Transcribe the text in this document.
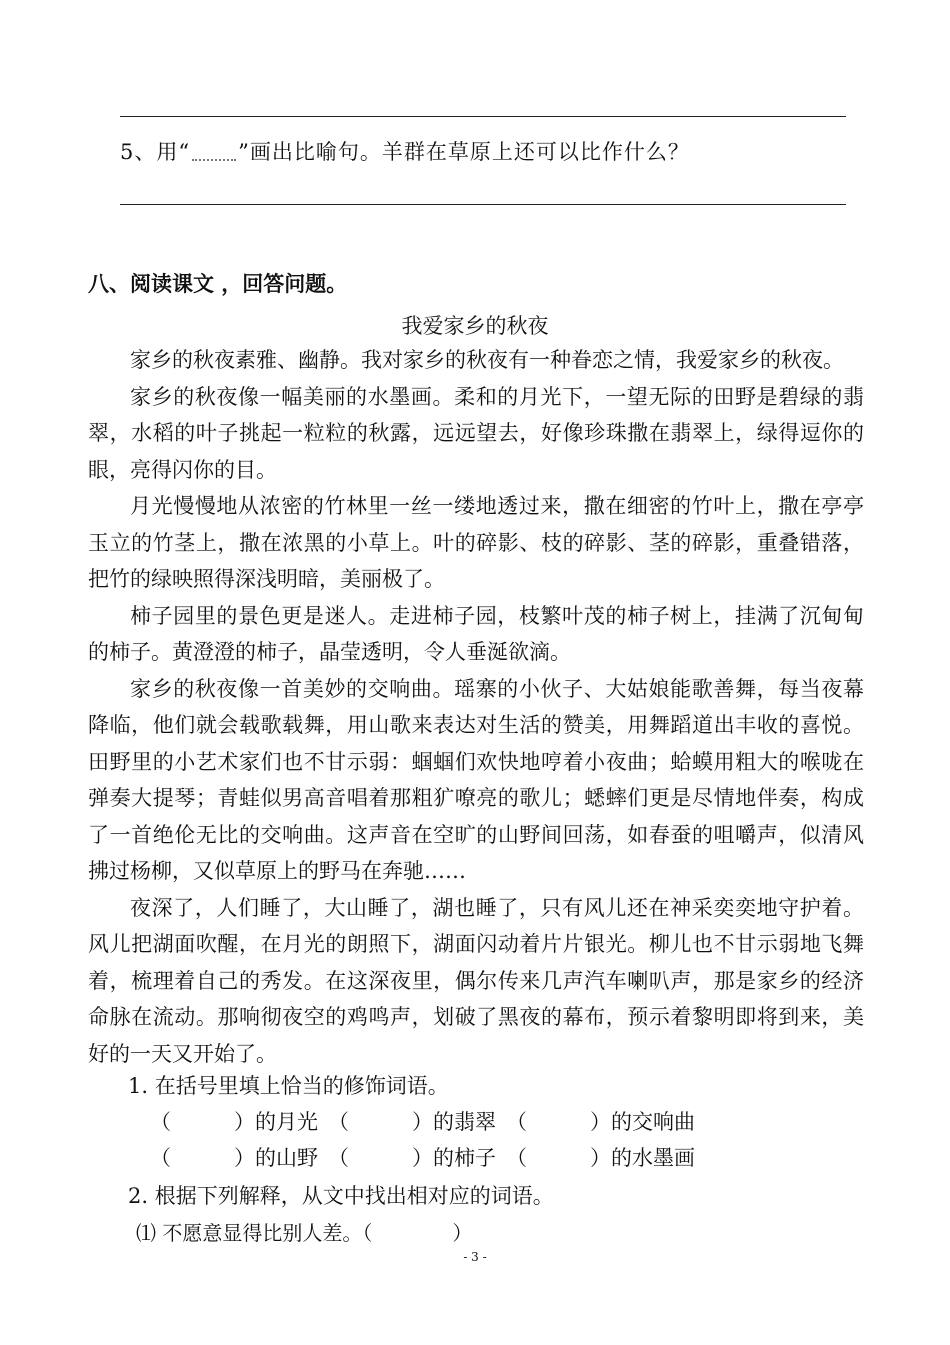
5、用“ ”画出比喻句。羊群在草原上还可以比作什么？
八、阅读课文 ，回答问题。
我爱家乡的秋夜

家乡的秋夜素雅、幽静。我对家乡的秋夜有一种眷恋之情，我爱家乡的秋夜。

家乡的秋夜像一幅美丽的水墨画。柔和的月光下，一望无际的田野是碧绿的翡翠，水稻的叶子挑起一粒粒的秋露，远远望去，好像珍珠撒在翡翠上，绿得逗你的眼，亮得闪你的目。

月光慢慢地从浓密的竹林里一丝一缕地透过来，撒在细密的竹叶上，撒在亭亭玉立的竹茎上，撒在浓黑的小草上。叶的碎影、枝的碎影、茎的碎影，重叠错落，把竹的绿映照得深浅明暗，美丽极了。

柿子园里的景色更是迷人。走进柿子园，枝繁叶茂的柿子树上，挂满了沉甸甸的柿子。黄澄澄的柿子，晶莹透明，令人垂涎欲滴。

家乡的秋夜像一首美妙的交响曲。瑶寨的小伙子、大姑娘能歌善舞，每当夜幕降临，他们就会载歌载舞，用山歌来表达对生活的赞美，用舞蹈道出丰收的喜悦。田野里的小艺术家们也不甘示弱：蝈蝈们欢快地哼着小夜曲；蛤蟆用粗大的喉咙在弹奏大提琴；青蛙似男高音唱着那粗犷嘹亮的歌儿；蟋蟀们更是尽情地伴奏，构成了一首绝伦无比的交响曲。这声音在空旷的山野间回荡，如春蚕的咀嚼声，似清风拂过杨柳，又似草原上的野马在奔驰……

夜深了，人们睡了，大山睡了，湖也睡了，只有风儿还在神采奕奕地守护着。风儿把湖面吹醒，在月光的朗照下，湖面闪动着片片银光。柳儿也不甘示弱地飞舞着，梳理着自己的秀发。在这深夜里，偶尔传来几声汽车喇叭声，那是家乡的经济命脉在流动。那响彻夜空的鸡鸣声，划破了黑夜的幕布，预示着黎明即将到来，美好的一天又开始了。

1. 在括号里填上恰当的修饰词语。
（　　　）的月光 （　　　）的翡翠 （　　　）的交响曲
（　　　）的山野 （　　　）的柿子 （　　　）的水墨画
2. 根据下列解释，从文中找出相对应的词语。
⑴ 不愿意显得比别人差。（　　　　）
- 3 -
